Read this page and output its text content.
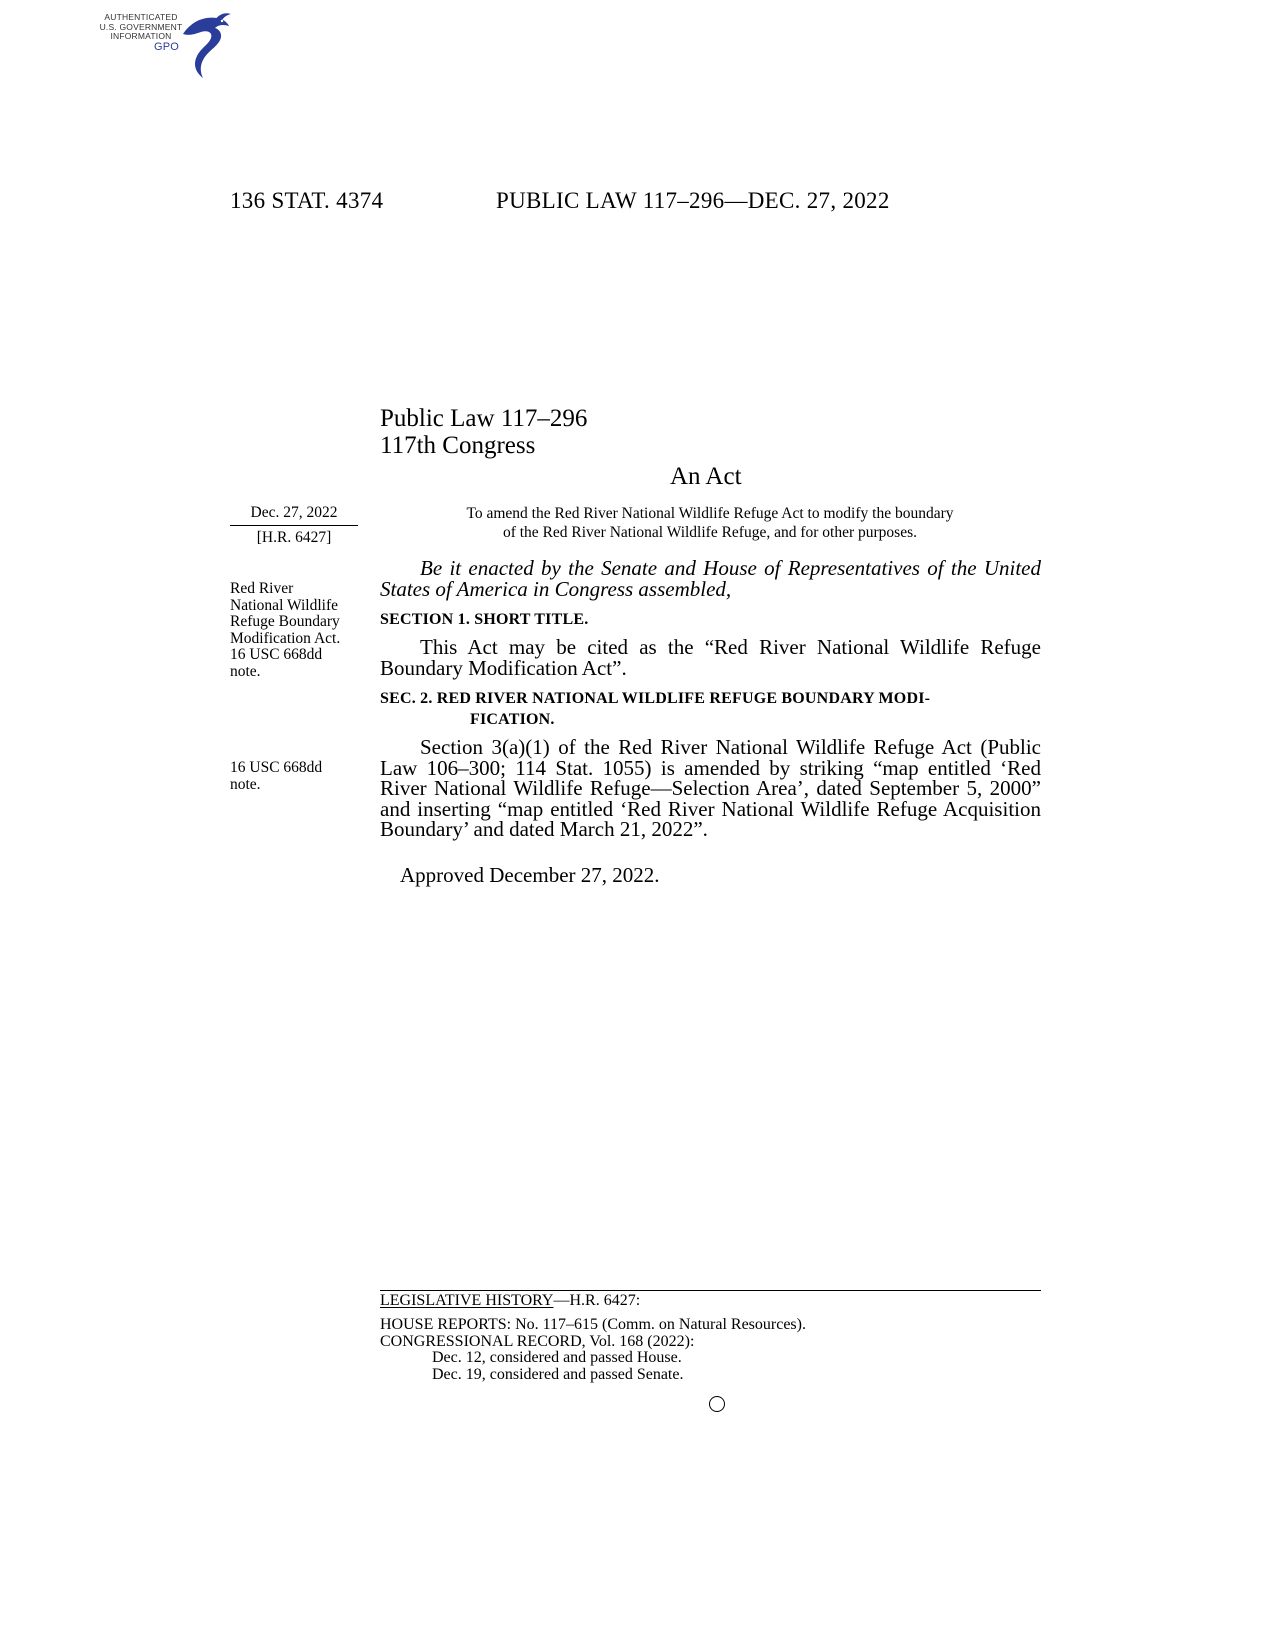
AUTHENTICATED
U.S. GOVERNMENT
INFORMATION
GPO
136 STAT. 4374	PUBLIC LAW 117–296—DEC. 27, 2022
Public Law 117–296
117th Congress
An Act
Dec. 27, 2022
[H.R. 6427]
Red River
National Wildlife
Refuge Boundary
Modification Act.
16 USC 668dd
note.
16 USC 668dd
note.
To amend the Red River National Wildlife Refuge Act to modify the boundary
of the Red River National Wildlife Refuge, and for other purposes.
Be it enacted by the Senate and House of Representatives of the United States of America in Congress assembled,
SECTION 1. SHORT TITLE.
This Act may be cited as the “Red River National Wildlife Refuge Boundary Modification Act”.
SEC. 2. RED RIVER NATIONAL WILDLIFE REFUGE BOUNDARY MODI-
FICATION.
Section 3(a)(1) of the Red River National Wildlife Refuge Act (Public Law 106–300; 114 Stat. 1055) is amended by striking “map entitled ‘Red River National Wildlife Refuge—Selection Area’, dated September 5, 2000” and inserting “map entitled ‘Red River National Wildlife Refuge Acquisition Boundary’ and dated March 21, 2022”.
Approved December 27, 2022.
LEGISLATIVE HISTORY—H.R. 6427:
HOUSE REPORTS: No. 117–615 (Comm. on Natural Resources).
CONGRESSIONAL RECORD, Vol. 168 (2022):
Dec. 12, considered and passed House.
Dec. 19, considered and passed Senate.
